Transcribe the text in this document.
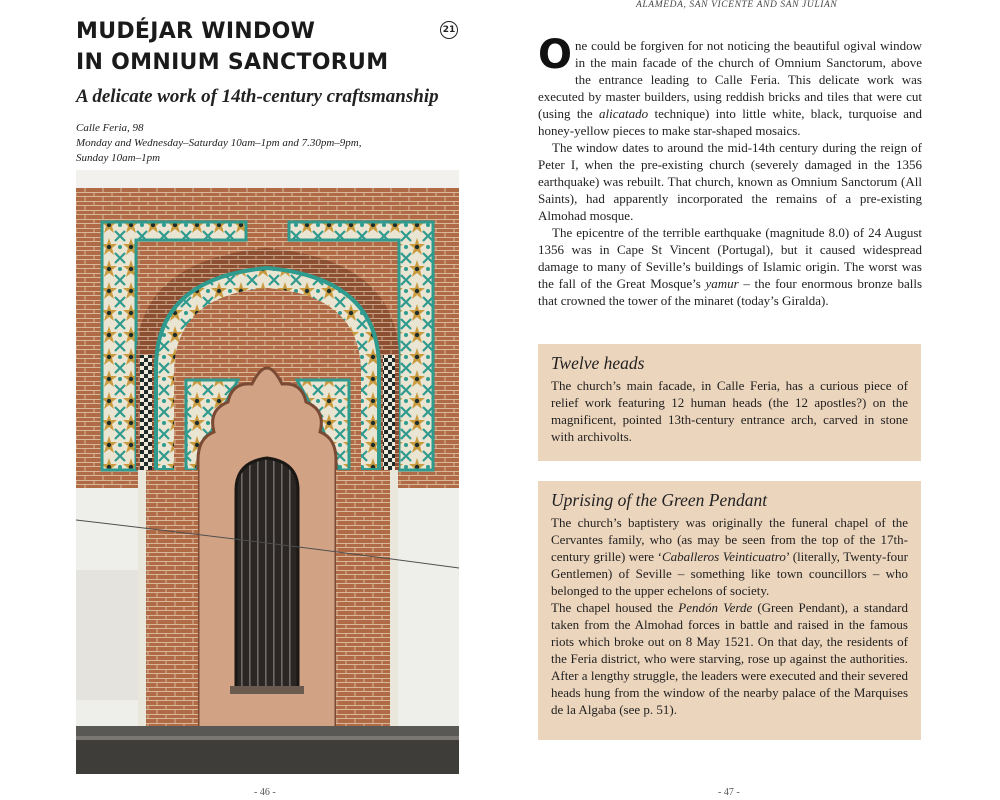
ALAMEDA, SAN VICENTE AND SAN JULIÁN
MUDÉJAR WINDOW
IN OMNIUM SANCTORUM
21
A delicate work of 14th-century craftsmanship
Calle Feria, 98
Monday and Wednesday–Saturday 10am–1pm and 7.30pm–9pm,
Sunday 10am–1pm
- 46 -

One could be forgiven for not noticing the beautiful ogival window in the main facade of the church of Omnium Sanctorum, above the entrance leading to Calle Feria. This delicate work was executed by master builders, using reddish bricks and tiles that were cut (using the alicatado technique) into little white, black, turquoise and honey-yellow pieces to make star-shaped mosaics.

The window dates to around the mid-14th century during the reign of Peter I, when the pre-existing church (severely damaged in the 1356 earthquake) was rebuilt. That church, known as Omnium Sanctorum (All Saints), had apparently incorporated the remains of a pre-existing Almohad mosque.

The epicentre of the terrible earthquake (magnitude 8.0) of 24 August 1356 was in Cape St Vincent (Portugal), but it caused widespread damage to many of Seville’s buildings of Islamic origin. The worst was the fall of the Great Mosque’s yamur – the four enormous bronze balls that crowned the tower of the minaret (today’s Giralda).

Twelve heads

The church’s main facade, in Calle Feria, has a curious piece of relief work featuring 12 human heads (the 12 apostles?) on the magnificent, pointed 13th-century entrance arch, carved in stone with archivolts.

Uprising of the Green Pendant

The church’s baptistery was originally the funeral chapel of the Cervantes family, who (as may be seen from the top of the 17th-century grille) were ‘Caballeros Veinticuatro’ (literally, Twenty-four Gentlemen) of Seville – something like town councillors – who belonged to the upper echelons of society.

The chapel housed the Pendón Verde (Green Pendant), a standard taken from the Almohad forces in battle and raised in the famous riots which broke out on 8 May 1521. On that day, the residents of the Feria district, who were starving, rose up against the authorities. After a lengthy struggle, the leaders were executed and their severed heads hung from the window of the nearby palace of the Marquises de la Algaba (see p. 51).

- 47 -
